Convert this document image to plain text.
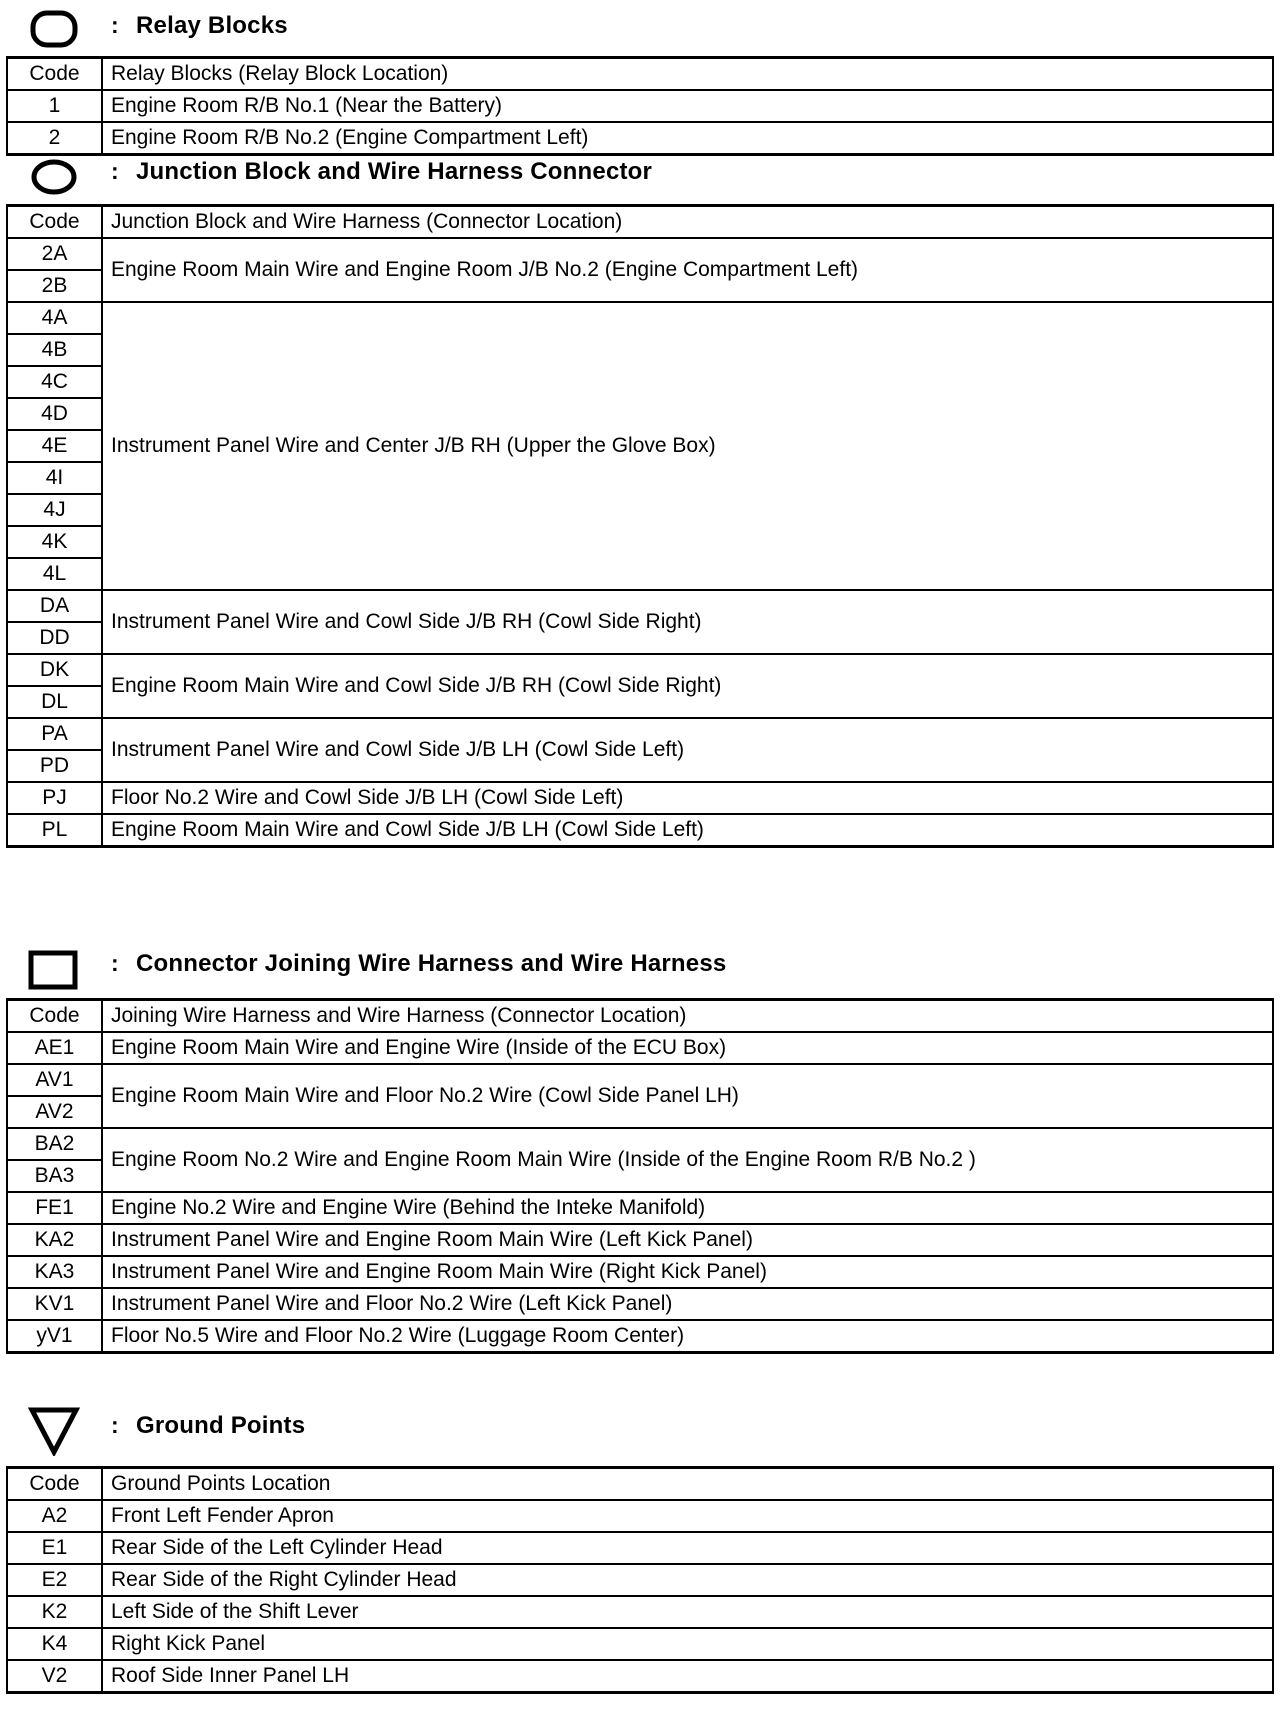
: Relay Blocks
Code	Relay Blocks (Relay Block Location)
1	Engine Room R/B No.1 (Near the Battery)
2	Engine Room R/B No.2 (Engine Compartment Left)
: Junction Block and Wire Harness Connector
Code	Junction Block and Wire Harness (Connector Location)
2A	Engine Room Main Wire and Engine Room J/B No.2 (Engine Compartment Left)
2B	
4A	Instrument Panel Wire and Center J/B RH (Upper the Glove Box)
4B	
4C	
4D	
4E	
4I	
4J	
4K	
4L	
DA	Instrument Panel Wire and Cowl Side J/B RH (Cowl Side Right)
DD	
DK	Engine Room Main Wire and Cowl Side J/B RH (Cowl Side Right)
DL	
PA	Instrument Panel Wire and Cowl Side J/B LH (Cowl Side Left)
PD	
PJ	Floor No.2 Wire and Cowl Side J/B LH (Cowl Side Left)
PL	Engine Room Main Wire and Cowl Side J/B LH (Cowl Side Left)
: Connector Joining Wire Harness and Wire Harness
Code	Joining Wire Harness and Wire Harness (Connector Location)
AE1	Engine Room Main Wire and Engine Wire (Inside of the ECU Box)
AV1	Engine Room Main Wire and Floor No.2 Wire (Cowl Side Panel LH)
AV2	
BA2	Engine Room No.2 Wire and Engine Room Main Wire (Inside of the Engine Room R/B No.2 )
BA3	
FE1	Engine No.2 Wire and Engine Wire (Behind the Inteke Manifold)
KA2	Instrument Panel Wire and Engine Room Main Wire (Left Kick Panel)
KA3	Instrument Panel Wire and Engine Room Main Wire (Right Kick Panel)
KV1	Instrument Panel Wire and Floor No.2 Wire (Left Kick Panel)
yV1	Floor No.5 Wire and Floor No.2 Wire (Luggage Room Center)
: Ground Points
Code	Ground Points Location
A2	Front Left Fender Apron
E1	Rear Side of the Left Cylinder Head
E2	Rear Side of the Right Cylinder Head
K2	Left Side of the Shift Lever
K4	Right Kick Panel
V2	Roof Side Inner Panel LH
